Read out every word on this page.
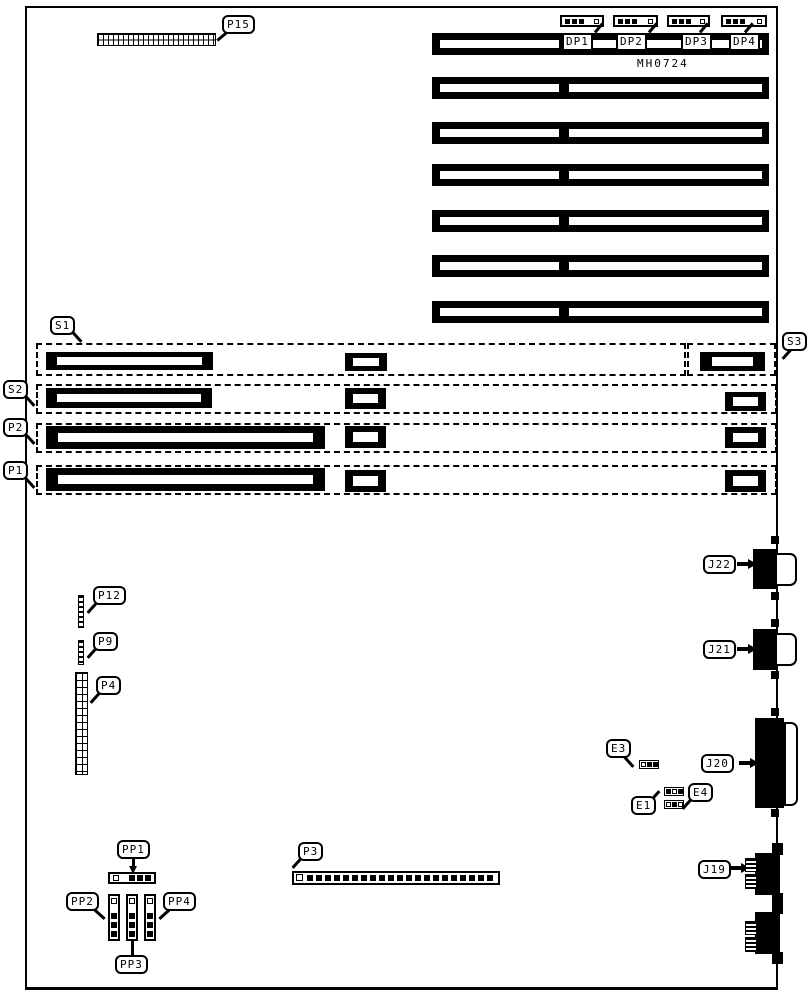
P15
DP1	DP2	DP3	DP4
MH0724
S1
S3
S2
P2
P1
P12
P9
P4
J22
J21
J20
E3
E1
E4
J19
P3
PP1
PP2	PP4
PP3
